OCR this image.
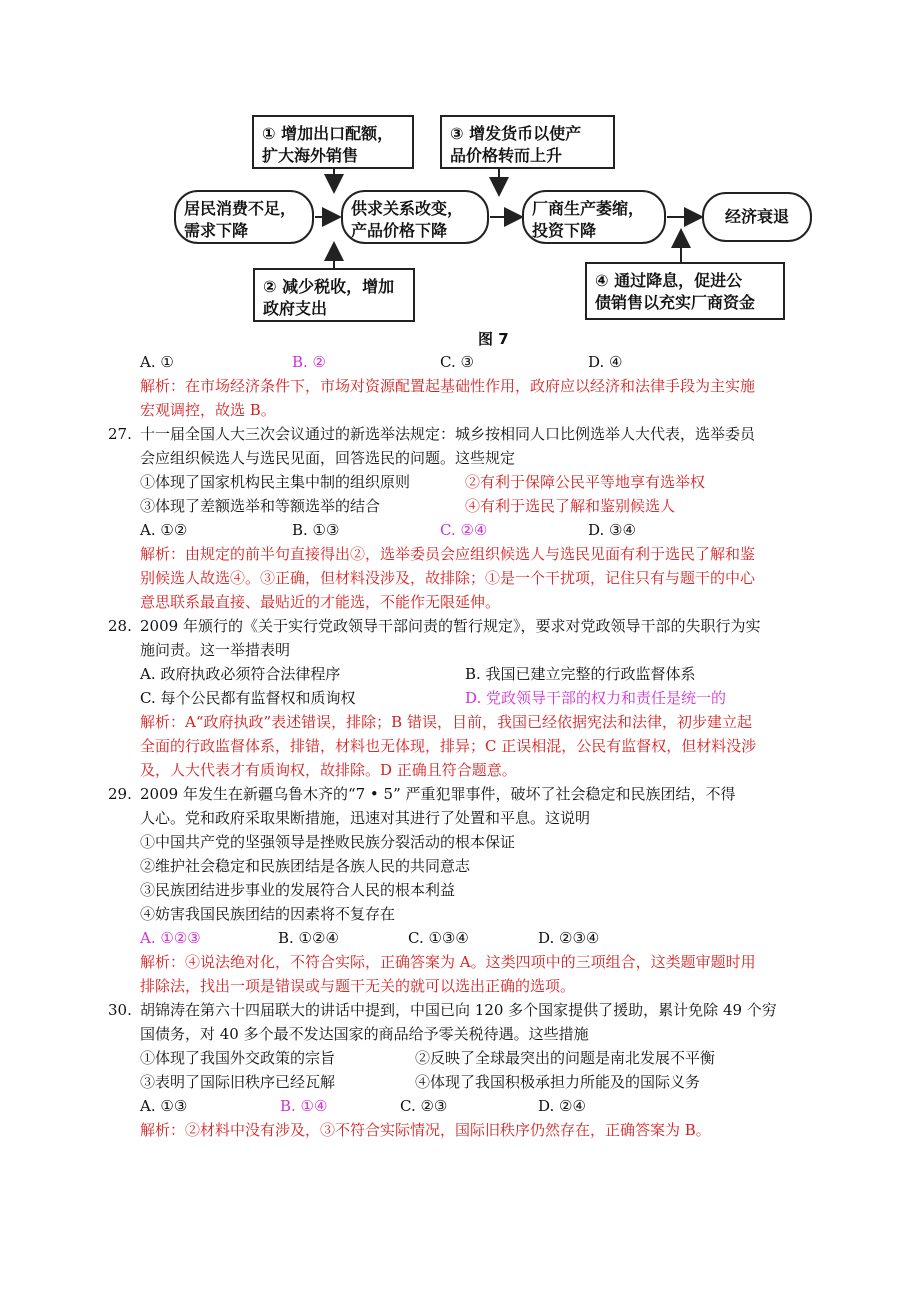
① 增加出口配额，
扩大海外销售
③ 增发货币以使产
品价格转而上升
居民消费不足，
需求下降
供求关系改变，
产品价格下降
厂商生产萎缩，
投资下降
经济衰退
② 减少税收，增加
政府支出
④ 通过降息，促进公
债销售以充实厂商资金
图 7
A. ①	B. ②	C. ③	D. ④
解析：在市场经济条件下，市场对资源配置起基础性作用，政府应以经济和法律手段为主实施
宏观调控，故选 B。
27. 十一届全国人大三次会议通过的新选举法规定：城乡按相同人口比例选举人大代表，选举委员
会应组织候选人与选民见面，回答选民的问题。这些规定
①体现了国家机构民主集中制的组织原则	②有利于保障公民平等地享有选举权
③体现了差额选举和等额选举的结合	④有利于选民了解和鉴别候选人
A. ①②	B. ①③	C. ②④	D. ③④
解析：由规定的前半句直接得出②，选举委员会应组织候选人与选民见面有利于选民了解和鉴
别候选人故选④。③正确，但材料没涉及，故排除；①是一个干扰项，记住只有与题干的中心
意思联系最直接、最贴近的才能选，不能作无限延伸。
28. 2009 年颁行的《关于实行党政领导干部问责的暂行规定》，要求对党政领导干部的失职行为实
施问责。这一举措表明
A. 政府执政必须符合法律程序	B. 我国已建立完整的行政监督体系
C. 每个公民都有监督权和质询权	D. 党政领导干部的权力和责任是统一的
解析：A“政府执政”表述错误，排除；B 错误，目前，我国已经依据宪法和法律，初步建立起
全面的行政监督体系，排错，材料也无体现，排异；C 正误相混，公民有监督权，但材料没涉
及，人大代表才有质询权，故排除。D 正确且符合题意。
29. 2009 年发生在新疆乌鲁木齐的“7 • 5” 严重犯罪事件，破坏了社会稳定和民族团结，不得
人心。党和政府采取果断措施，迅速对其进行了处置和平息。这说明
①中国共产党的坚强领导是挫败民族分裂活动的根本保证
②维护社会稳定和民族团结是各族人民的共同意志
③民族团结进步事业的发展符合人民的根本利益
④妨害我国民族团结的因素将不复存在
A. ①②③	B. ①②④	C. ①③④	D. ②③④
解析：④说法绝对化，不符合实际，正确答案为 A。这类四项中的三项组合，这类题审题时用
排除法，找出一项是错误或与题干无关的就可以选出正确的选项。
30. 胡锦涛在第六十四届联大的讲话中提到，中国已向 120 多个国家提供了援助，累计免除 49 个穷
国债务，对 40 多个最不发达国家的商品给予零关税待遇。这些措施
①体现了我国外交政策的宗旨	②反映了全球最突出的问题是南北发展不平衡
③表明了国际旧秩序已经瓦解	④体现了我国积极承担力所能及的国际义务
A. ①③	B. ①④	C. ②③	D. ②④
解析：②材料中没有涉及，③不符合实际情况，国际旧秩序仍然存在，正确答案为 B。
